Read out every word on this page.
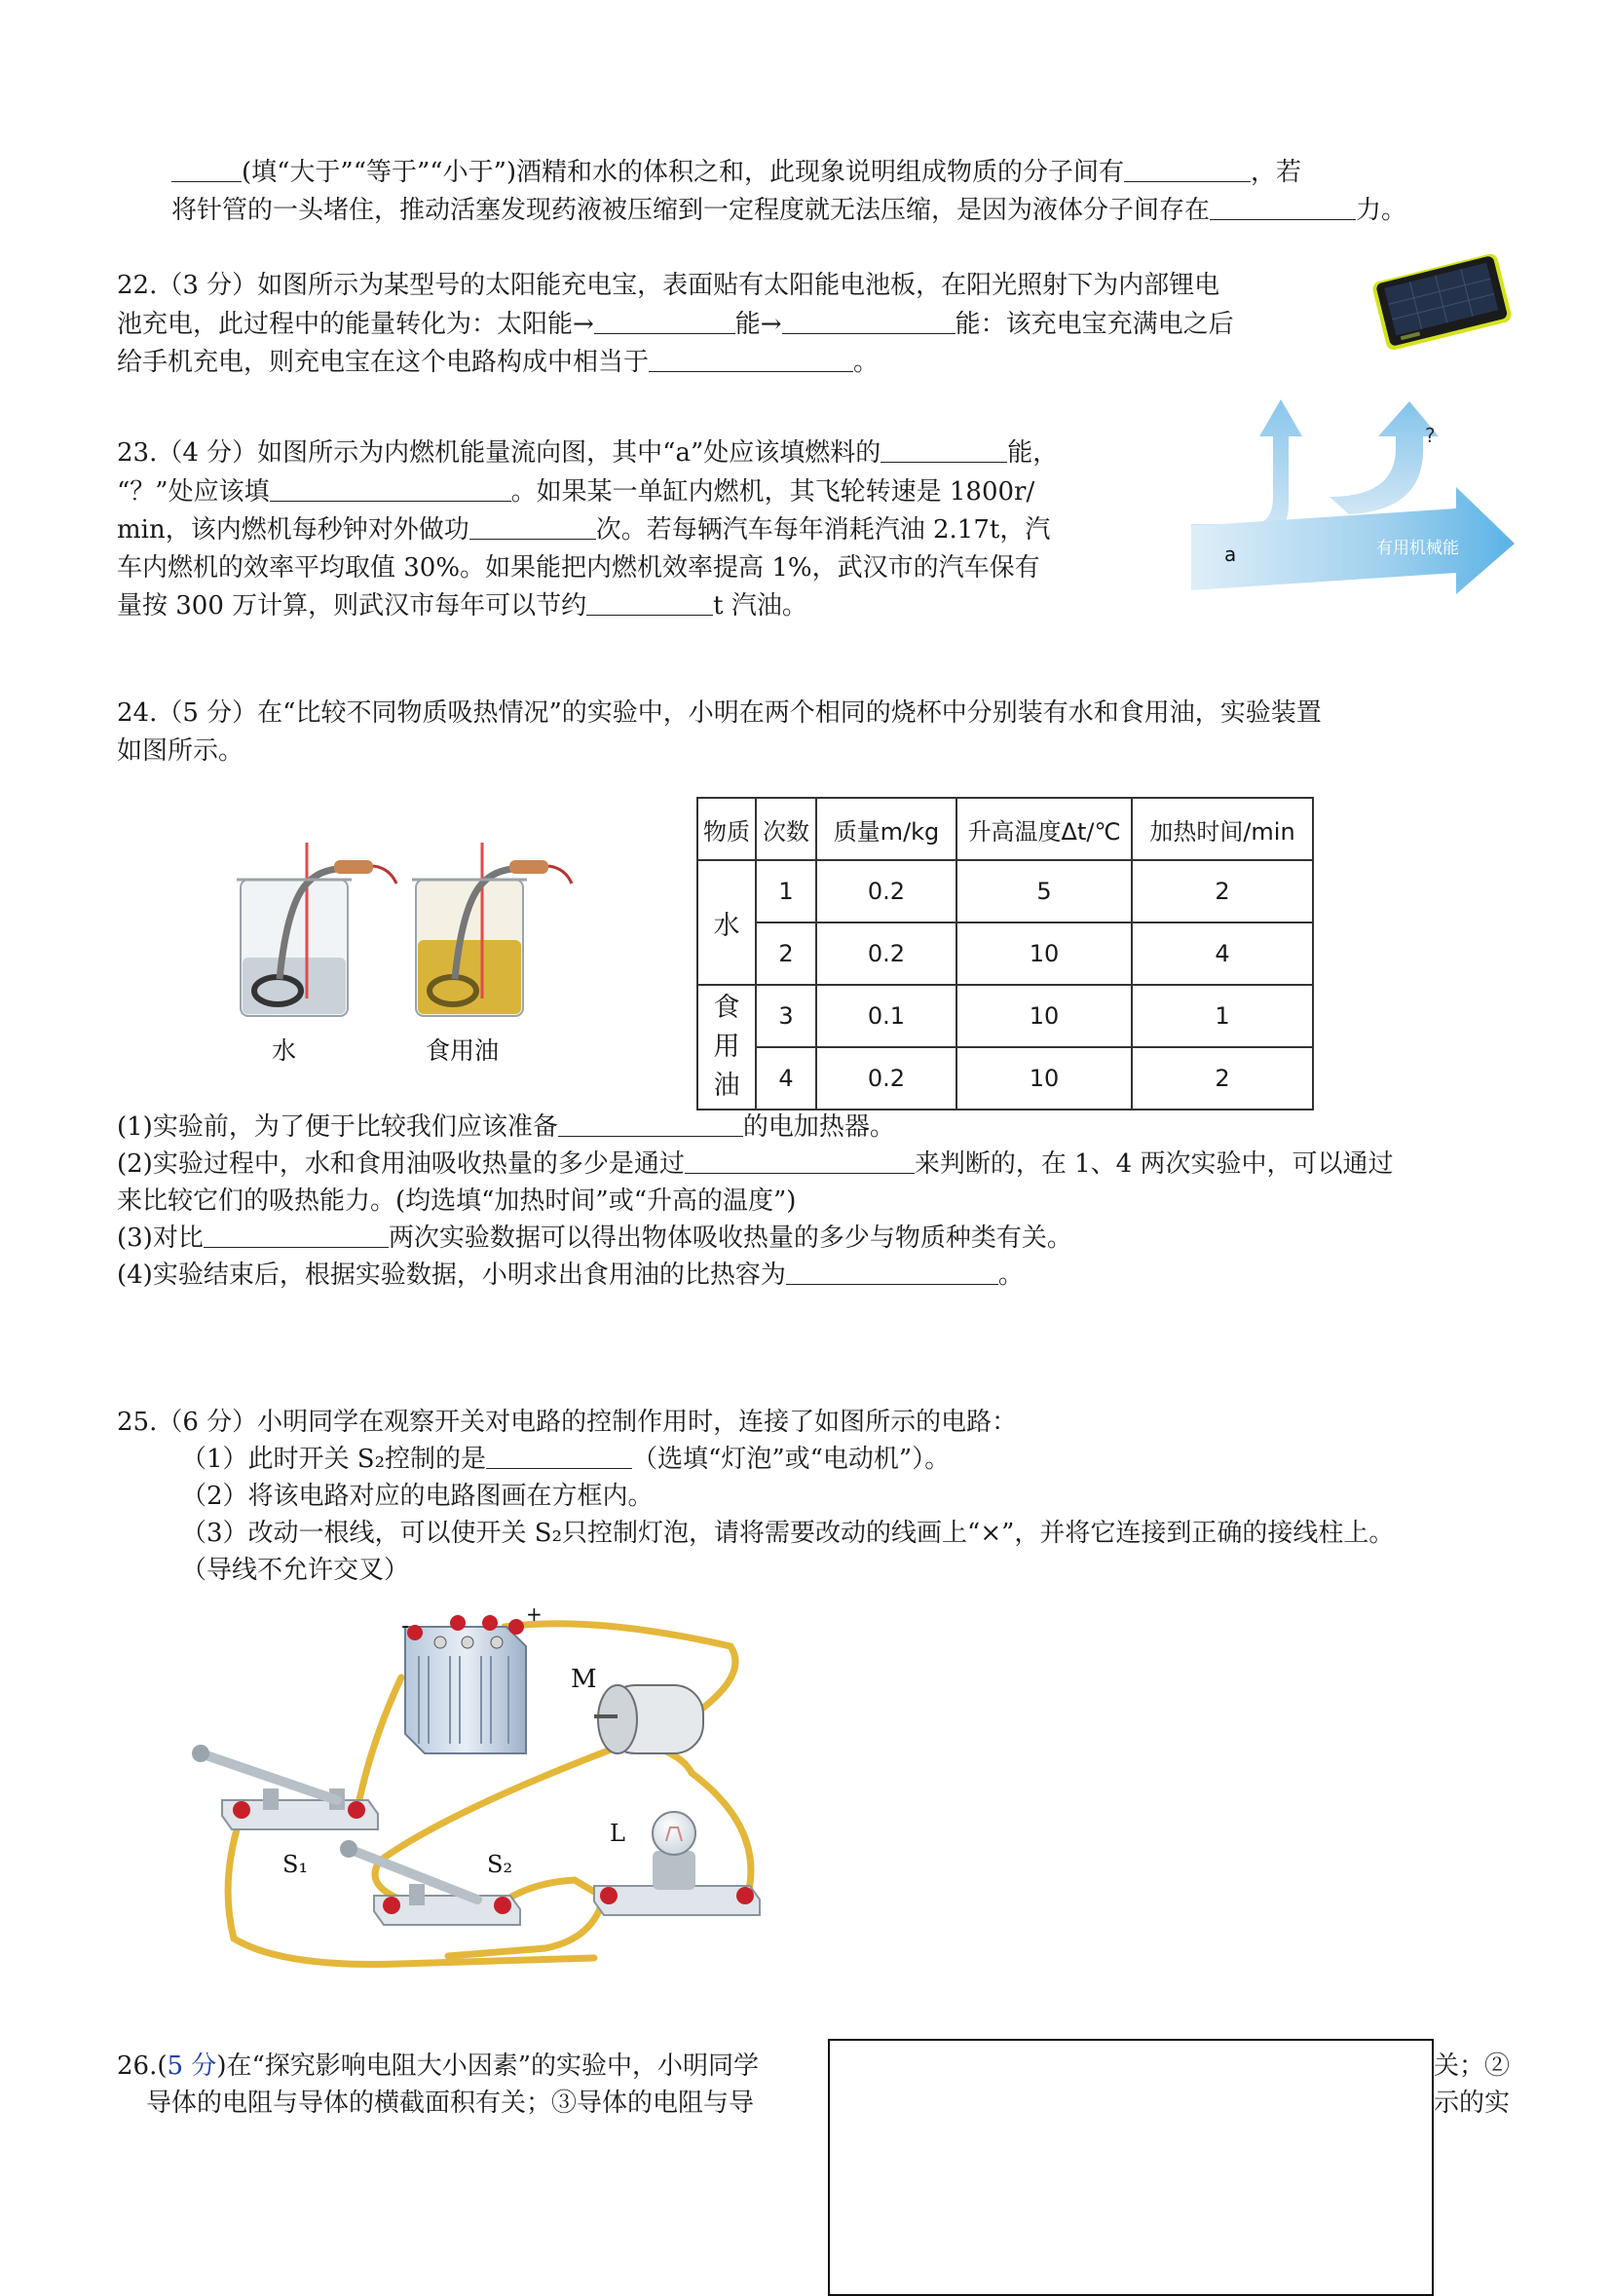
(填“大于”“等于”“小于”)酒精和水的体积之和，此现象说明组成物质的分子间有	，若
将针管的一头堵住，推动活塞发现药液被压缩到一定程度就无法压缩，是因为液体分子间存在	力。
22.（3 分）如图所示为某型号的太阳能充电宝，表面贴有太阳能电池板，在阳光照射下为内部锂电
池充电，此过程中的能量转化为：太阳能→	能→	能：该充电宝充满电之后
给手机充电，则充电宝在这个电路构成中相当于	。
23.（4 分）如图所示为内燃机能量流向图，其中“a”处应该填燃料的	能，
“？”处应该填	。如果某一单缸内燃机，其飞轮转速是 1800r/
min，该内燃机每秒钟对外做功	次。若每辆汽车每年消耗汽油 2.17t，汽
车内燃机的效率平均取值 30%。如果能把内燃机效率提高 1%，武汉市的汽车保有
量按 300 万计算，则武汉市每年可以节约	t 汽油。
a
?
有用机械能
24.（5 分）在“比较不同物质吸热情况”的实验中，小明在两个相同的烧杯中分别装有水和食用油，实验装置
如图所示。
水	食用油
物质	次数	质量m/kg	升高温度Δt/℃	加热时间/min
水	1	0.2	5	2
	2	0.2	10	4

食
用
油	3	0.1	10	1
	4	0.2	10	2
(1)实验前，为了便于比较我们应该准备	的电加热器。
(2)实验过程中，水和食用油吸收热量的多少是通过	来判断的，在 1、4 两次实验中，可以通过
来比较它们的吸热能力。(均选填“加热时间”或“升高的温度”)
(3)对比	两次实验数据可以得出物体吸收热量的多少与物质种类有关。
(4)实验结束后，根据实验数据，小明求出食用油的比热容为	。
25.（6 分）小明同学在观察开关对电路的控制作用时，连接了如图所示的电路：
（1）此时开关 S₂控制的是	（选填“灯泡”或“电动机”）。
（2）将该电路对应的电路图画在方框内。
（3）改动一根线，可以使开关 S₂只控制灯泡，请将需要改动的线画上“×”，并将它连接到正确的接线柱上。
（导线不允许交叉）
-	+
M
S₁	S₂
L
26.(5 分)在“探究影响电阻大小因素”的实验中，小明同学	关；②
导体的电阻与导体的横截面积有关；③导体的电阻与导	示的实
